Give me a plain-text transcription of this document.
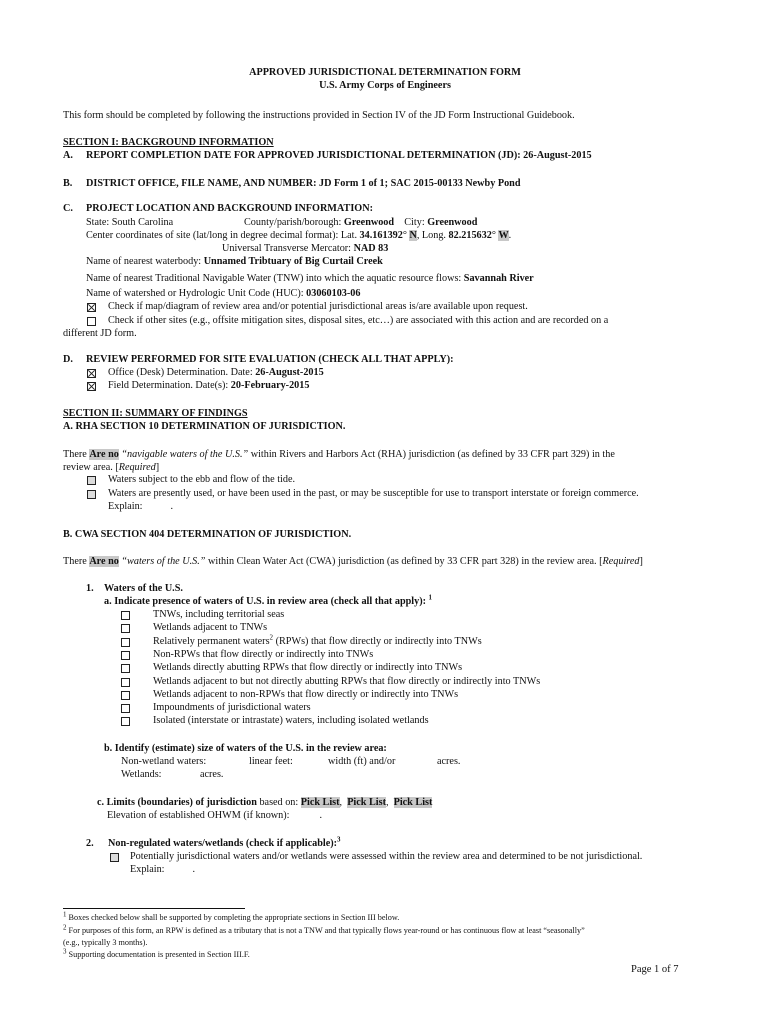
APPROVED JURISDICTIONAL DETERMINATION FORM
U.S. Army Corps of Engineers
This form should be completed by following the instructions provided in Section IV of the JD Form Instructional Guidebook.
SECTION I: BACKGROUND INFORMATION
A. REPORT COMPLETION DATE FOR APPROVED JURISDICTIONAL DETERMINATION (JD): 26-August-2015
B. DISTRICT OFFICE, FILE NAME, AND NUMBER: JD Form 1 of 1; SAC 2015-00133 Newby Pond
C. PROJECT LOCATION AND BACKGROUND INFORMATION:
State: South Carolina	County/parish/borough: Greenwood City: Greenwood
Center coordinates of site (lat/long in degree decimal format): Lat. 34.161392° N, Long. 82.215632° W.
Universal Transverse Mercator: NAD 83
Name of nearest waterbody: Unnamed Tribtuary of Big Curtail Creek
Name of nearest Traditional Navigable Water (TNW) into which the aquatic resource flows: Savannah River
Name of watershed or Hydrologic Unit Code (HUC): 03060103-06
Check if map/diagram of review area and/or potential jurisdictional areas is/are available upon request.
Check if other sites (e.g., offsite mitigation sites, disposal sites, etc…) are associated with this action and are recorded on a
different JD form.
D. REVIEW PERFORMED FOR SITE EVALUATION (CHECK ALL THAT APPLY):
Office (Desk) Determination. Date: 26-August-2015
Field Determination. Date(s): 20-February-2015
SECTION II: SUMMARY OF FINDINGS
A. RHA SECTION 10 DETERMINATION OF JURISDICTION.
There Are no “navigable waters of the U.S.” within Rivers and Harbors Act (RHA) jurisdiction (as defined by 33 CFR part 329) in the
review area. [Required]
Waters subject to the ebb and flow of the tide.
Waters are presently used, or have been used in the past, or may be susceptible for use to transport interstate or foreign commerce.
Explain:	.
B. CWA SECTION 404 DETERMINATION OF JURISDICTION.
There Are no “waters of the U.S.” within Clean Water Act (CWA) jurisdiction (as defined by 33 CFR part 328) in the review area. [Required]
1. Waters of the U.S.
a. Indicate presence of waters of U.S. in review area (check all that apply): $^1$
TNWs, including territorial seas
Wetlands adjacent to TNWs
Relatively permanent waters$^2$ (RPWs) that flow directly or indirectly into TNWs
Non-RPWs that flow directly or indirectly into TNWs
Wetlands directly abutting RPWs that flow directly or indirectly into TNWs
Wetlands adjacent to but not directly abutting RPWs that flow directly or indirectly into TNWs
Wetlands adjacent to non-RPWs that flow directly or indirectly into TNWs
Impoundments of jurisdictional waters
Isolated (interstate or intrastate) waters, including isolated wetlands
b. Identify (estimate) size of waters of the U.S. in the review area:
Non-wetland waters:	linear feet:	width (ft) and/or	acres.
Wetlands:	acres.
c. Limits (boundaries) of jurisdiction based on: Pick List,  Pick List,  Pick List
Elevation of established OHWM (if known):	.
2. Non-regulated waters/wetlands (check if applicable):$^3$
Potentially jurisdictional waters and/or wetlands were assessed within the review area and determined to be not jurisdictional.
Explain:	.
$^1$ Boxes checked below shall be supported by completing the appropriate sections in Section III below.
$^2$ For purposes of this form, an RPW is defined as a tributary that is not a TNW and that typically flows year-round or has continuous flow at least “seasonally”
(e.g., typically 3 months).
$^3$ Supporting documentation is presented in Section III.F.
Page 1 of 7
